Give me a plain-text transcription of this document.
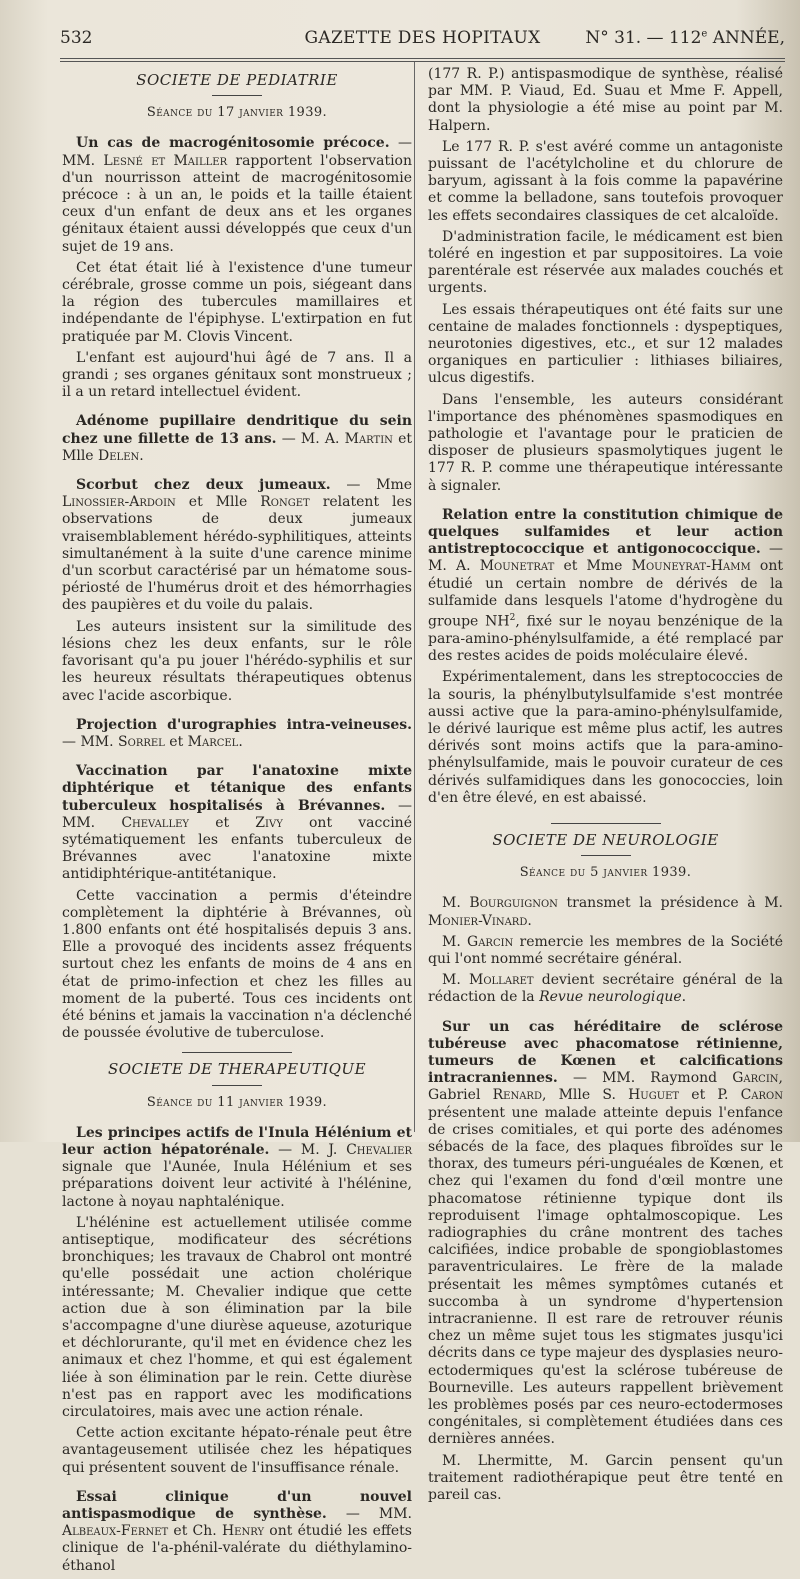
532	GAZETTE DES HOPITAUX	N° 31. — 112e ANNÉE,
SOCIETE DE PEDIATRIE
Séance du 17 janvier 1939.

Un cas de macrogénitosomie précoce. — MM. Lesné et Mailler rapportent l'observation d'un nourrisson atteint de macrogénitosomie précoce : à un an, le poids et la taille étaient ceux d'un enfant de deux ans et les organes génitaux étaient aussi développés que ceux d'un sujet de 19 ans.

Cet état était lié à l'existence d'une tumeur cérébrale, grosse comme un pois, siégeant dans la région des tubercules mamillaires et indépendante de l'épiphyse. L'extirpation en fut pratiquée par M. Clovis Vincent.

L'enfant est aujourd'hui âgé de 7 ans. Il a grandi ; ses organes génitaux sont monstrueux ; il a un retard intellectuel évident.

Adénome pupillaire dendritique du sein chez une fillette de 13 ans. — M. A. Martin et Mlle Delen.

Scorbut chez deux jumeaux. — Mme Linossier-Ardoin et Mlle Ronget relatent les observations de deux jumeaux vraisemblablement hérédo-syphilitiques, atteints simultanément à la suite d'une carence minime d'un scorbut caractérisé par un hématome sous-périosté de l'humérus droit et des hémorrhagies des paupières et du voile du palais.

Les auteurs insistent sur la similitude des lésions chez les deux enfants, sur le rôle favorisant qu'a pu jouer l'hérédo-syphilis et sur les heureux résultats thérapeutiques obtenus avec l'acide ascorbique.

Projection d'urographies intra-veineuses. — MM. Sorrel et Marcel.

Vaccination par l'anatoxine mixte diphtérique et tétanique des enfants tuberculeux hospitalisés à Brévannes. — MM. Chevalley et Zivy ont vacciné sytématiquement les enfants tuberculeux de Brévannes avec l'anatoxine mixte antidiphtérique-antitétanique.

Cette vaccination a permis d'éteindre complètement la diphtérie à Brévannes, où 1.800 enfants ont été hospitalisés depuis 3 ans. Elle a provoqué des incidents assez fréquents surtout chez les enfants de moins de 4 ans en état de primo-infection et chez les filles au moment de la puberté. Tous ces incidents ont été bénins et jamais la vaccination n'a déclenché de poussée évolutive de tuberculose.

SOCIETE DE THERAPEUTIQUE
Séance du 11 janvier 1939.

Les principes actifs de l'Inula Hélénium et leur action hépatorénale. — M. J. Chevalier signale que l'Aunée, Inula Hélénium et ses préparations doivent leur activité à l'hélénine, lactone à noyau naphtalénique.

L'hélénine est actuellement utilisée comme antiseptique, modificateur des sécrétions bronchiques; les travaux de Chabrol ont montré qu'elle possédait une action cholérique intéressante; M. Chevalier indique que cette action due à son élimination par la bile s'accompagne d'une diurèse aqueuse, azoturique et déchlorurante, qu'il met en évidence chez les animaux et chez l'homme, et qui est également liée à son élimination par le rein. Cette diurèse n'est pas en rapport avec les modifications circulatoires, mais avec une action rénale.

Cette action excitante hépato-rénale peut être avantageusement utilisée chez les hépatiques qui présentent souvent de l'insuffisance rénale.

Essai clinique d'un nouvel antispasmodique de synthèse. — MM. Albeaux-Fernet et Ch. Henry ont étudié les effets clinique de l'a-phénil-valérate du diéthylamino-éthanol

(177 R. P.) antispasmodique de synthèse, réalisé par MM. P. Viaud, Ed. Suau et Mme F. Appell, dont la physiologie a été mise au point par M. Halpern.

Le 177 R. P. s'est avéré comme un antagoniste puissant de l'acétylcholine et du chlorure de baryum, agissant à la fois comme la papavérine et comme la belladone, sans toutefois provoquer les effets secondaires classiques de cet alcaloïde.

D'administration facile, le médicament est bien toléré en ingestion et par suppositoires. La voie parentérale est réservée aux malades couchés et urgents.

Les essais thérapeutiques ont été faits sur une centaine de malades fonctionnels : dyspeptiques, neurotonies digestives, etc., et sur 12 malades organiques en particulier : lithiases biliaires, ulcus digestifs.

Dans l'ensemble, les auteurs considérant l'importance des phénomènes spasmodiques en pathologie et l'avantage pour le praticien de disposer de plusieurs spasmolytiques jugent le 177 R. P. comme une thérapeutique intéressante à signaler.

Relation entre la constitution chimique de quelques sulfamides et leur action antistreptococcique et antigonococcique. — M. A. Mounetrat et Mme Mouneyrat-Hamm ont étudié un certain nombre de dérivés de la sulfamide dans lesquels l'atome d'hydrogène du groupe $NH^2$, fixé sur le noyau benzénique de la para-amino-phénylsulfamide, a été remplacé par des restes acides de poids moléculaire élevé.

Expérimentalement, dans les streptococcies de la souris, la phénylbutylsulfamide s'est montrée aussi active que la para-amino-phénylsulfamide, le dérivé laurique est même plus actif, les autres dérivés sont moins actifs que la para-amino-phénylsulfamide, mais le pouvoir curateur de ces dérivés sulfamidiques dans les gonococcies, loin d'en être élevé, en est abaissé.

SOCIETE DE NEUROLOGIE
Séance du 5 janvier 1939.

M. Bourguignon transmet la présidence à M. Monier-Vinard.

M. Garcin remercie les membres de la Société qui l'ont nommé secrétaire général.

M. Mollaret devient secrétaire général de la rédaction de la Revue neurologique.

Sur un cas héréditaire de sclérose tubéreuse avec phacomatose rétinienne, tumeurs de Kœnen et calcifications intracraniennes. — MM. Raymond Garcin, Gabriel Renard, Mlle S. Huguet et P. Caron présentent une malade atteinte depuis l'enfance de crises comitiales, et qui porte des adénomes sébacés de la face, des plaques fibroïdes sur le thorax, des tumeurs péri-unguéales de Kœnen, et chez qui l'examen du fond d'œil montre une phacomatose rétinienne typique dont ils reproduisent l'image ophtalmoscopique. Les radiographies du crâne montrent des taches calcifiées, indice probable de spongioblastomes paraventriculaires. Le frère de la malade présentait les mêmes symptômes cutanés et succomba à un syndrome d'hypertension intracranienne. Il est rare de retrouver réunis chez un même sujet tous les stigmates jusqu'ici décrits dans ce type majeur des dysplasies neuro-ectodermiques qu'est la sclérose tubéreuse de Bourneville. Les auteurs rappellent brièvement les problèmes posés par ces neuro-ectodermoses congénitales, si complètement étudiées dans ces dernières années.

M. Lhermitte, M. Garcin pensent qu'un traitement radiothérapique peut être tenté en pareil cas.
